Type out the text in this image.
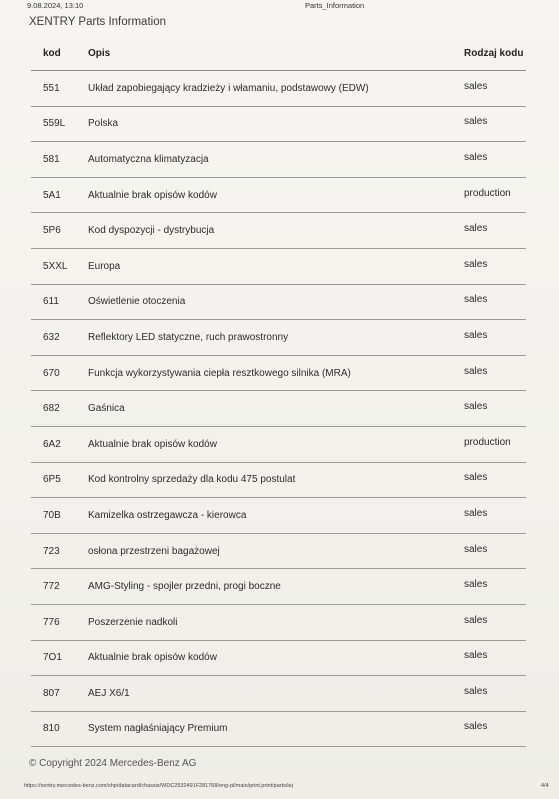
9.08.2024, 13:10	Parts_Information
XENTRY Parts Information
kod	Opis	Rodzaj kodu
551	Układ zapobiegający kradzieży i włamaniu, podstawowy (EDW)	sales
559L	Polska	sales
581	Automatyczna klimatyzacja	sales
5A1	Aktualnie brak opisów kodów	production
5P6	Kod dyspozycji - dystrybucja	sales
5XXL	Europa	sales
611	Oświetlenie otoczenia	sales
632	Reflektory LED statyczne, ruch prawostronny	sales
670	Funkcja wykorzystywania ciepła resztkowego silnika (MRA)	sales
682	Gaśnica	sales
6A2	Aktualnie brak opisów kodów	production
6P5	Kod kontrolny sprzedaży dla kodu 475 postulat	sales
70B	Kamizelka ostrzegawcza - kierowca	sales
723	osłona przestrzeni bagażowej	sales
772	AMG-Styling - spojler przedni, progi boczne	sales
776	Poszerzenie nadkoli	sales
7O1	Aktualnie brak opisów kodów	sales
807	AEJ X6/1	sales
810	System nagłaśniający Premium	sales
© Copyright 2024 Mercedes-Benz AG
https://xentry.mercedes-benz.com/xhp/datacard/chassis/WDC2532491F281768/eng-pl/main/print.print/parts/iej	4/4
